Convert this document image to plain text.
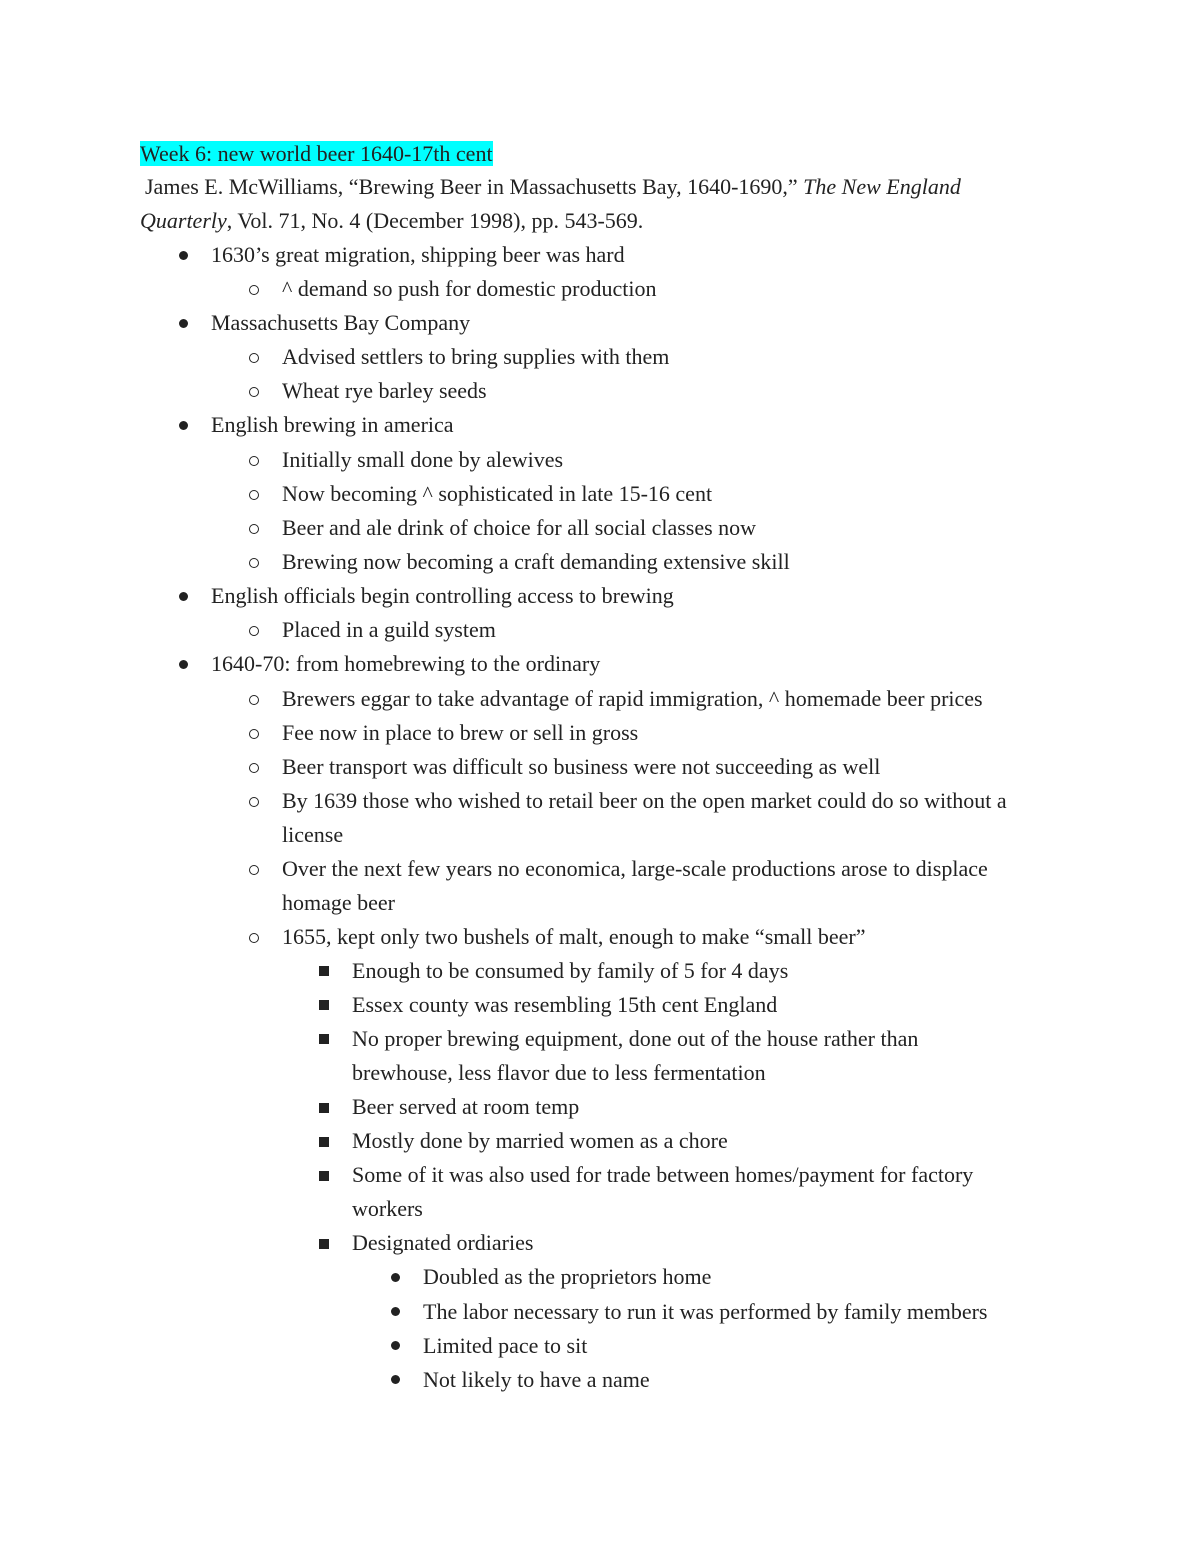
Week 6: new world beer 1640-17th cent
James E. McWilliams, “Brewing Beer in Massachusetts Bay, 1640-1690,” The New England
Quarterly, Vol. 71, No. 4 (December 1998), pp. 543-569.
1630’s great migration, shipping beer was hard
^ demand so push for domestic production
Massachusetts Bay Company
Advised settlers to bring supplies with them
Wheat rye barley seeds
English brewing in america
Initially small done by alewives
Now becoming ^ sophisticated in late 15-16 cent
Beer and ale drink of choice for all social classes now
Brewing now becoming a craft demanding extensive skill
English officials begin controlling access to brewing
Placed in a guild system
1640-70: from homebrewing to the ordinary
Brewers eggar to take advantage of rapid immigration, ^ homemade beer prices
Fee now in place to brew or sell in gross
Beer transport was difficult so business were not succeeding as well
By 1639 those who wished to retail beer on the open market could do so without a
license
Over the next few years no economica, large-scale productions arose to displace
homage beer
1655, kept only two bushels of malt, enough to make “small beer”
Enough to be consumed by family of 5 for 4 days
Essex county was resembling 15th cent England
No proper brewing equipment, done out of the house rather than
brewhouse, less flavor due to less fermentation
Beer served at room temp
Mostly done by married women as a chore
Some of it was also used for trade between homes/payment for factory
workers
Designated ordiaries
Doubled as the proprietors home
The labor necessary to run it was performed by family members
Limited pace to sit
Not likely to have a name
